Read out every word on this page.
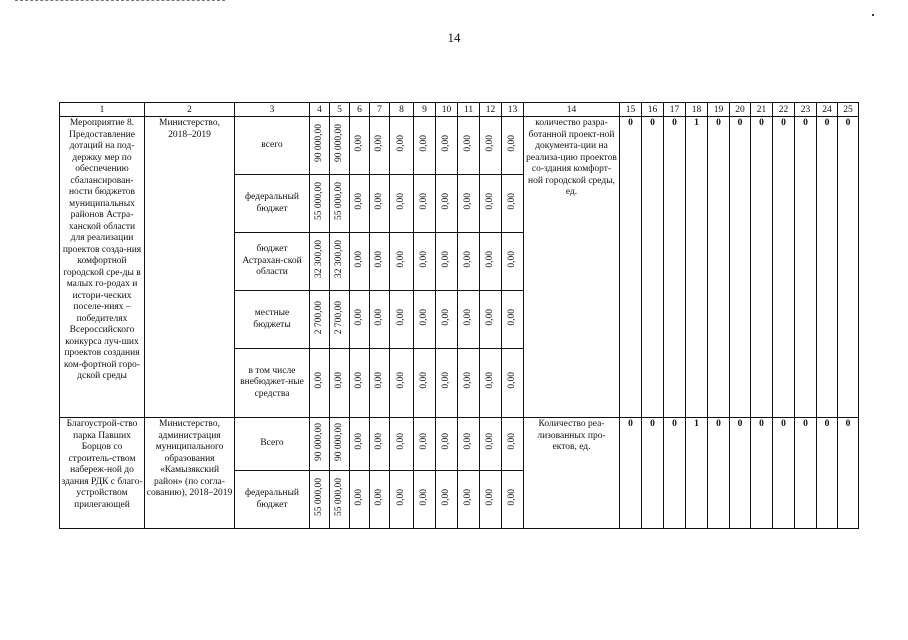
14
1	2	3	4	5	6	7	8	9	10	11	12	13	14	15	16	17	18	19	20	21	22	23	24	25
Мероприятие 8. Предоставление дотаций на под-держку мер по обеспечению сбалансирован-ности бюджетов муниципальных районов Астра-ханской области для реализации проектов созда-ния комфортной городской сре-ды в малых го-родах и истори-ческих поселе-ниях – победителях Всероссийского конкурса луч-ших проектов создания ком-фортной горо-дской среды	Министерство, 2018–2019	всего	90 000,00	90 000,00	0,00	0,00	0,00	0,00	0,00	0,00	0,00	0,00	количество разра-ботанной проект-ной документа-ции на реализа-цию проектов со-здания комфорт-ной городской среды, ед.	0	0	0	1	0	0	0	0	0	0	0
		федеральный бюджет	55 000,00	55 000,00	0,00	0,00	0,00	0,00	0,00	0,00	0,00	0,00												
		бюджет Астрахан-ской области	32 300,00	32 300,00	0,00	0,00	0,00	0,00	0,00	0,00	0,00	0,00												
		местные бюджеты	2 700,00	2 700,00	0,00	0,00	0,00	0,00	0,00	0,00	0,00	0,00												
		в том числе внебюджет-ные средства	0,00	0,00	0,00	0,00	0,00	0,00	0,00	0,00	0,00	0,00												
Благоустрой-ство парка Павших Борцов со строитель-ством набереж-ной до здания РДК с благо-устройством прилегающей	Министерство, администрация муниципального образования «Камызякский район» (по согла-сованию), 2018–2019	Всего	90 000,00	90 000,00	0,00	0,00	0,00	0,00	0,00	0,00	0,00	0,00	Количество реа-лизованных про-ектов, ед.	0	0	0	1	0	0	0	0	0	0	0
		федеральный бюджет	55 000,00	55 000,00	0,00	0,00	0,00	0,00	0,00	0,00	0,00	0,00												
